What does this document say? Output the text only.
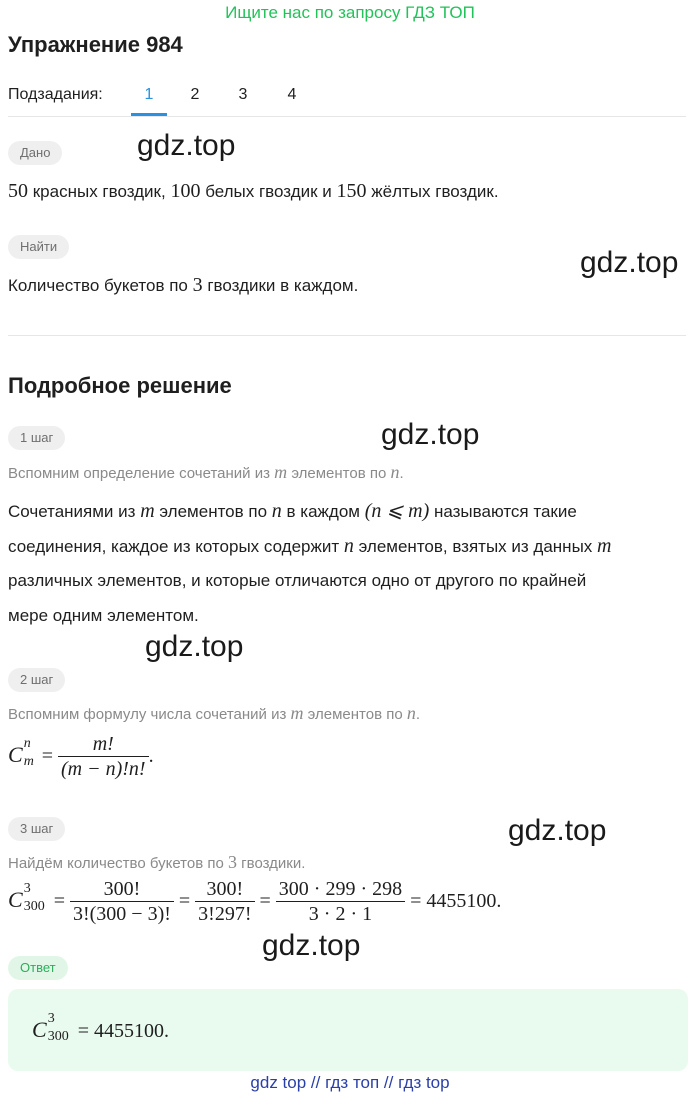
Ищите нас по запросу ГДЗ ТОП
Упражнение 984
Подзадания:	1	2	3	4
Дано
50 красных гвоздик, 100 белых гвоздик и 150 жёлтых гвоздик.
Найти
Количество букетов по 3 гвоздики в каждом.
Подробное решение
1 шаг
Вспомним определение сочетаний из m элементов по n.
Сочетаниями из m элементов по n в каждом (n ⩽ m) называются такие
соединения, каждое из которых содержит n элементов, взятых из данных m
различных элементов, и которые отличаются одно от другого по крайней
мере одним элементом.
2 шаг
Вспомним формулу числа сочетаний из m элементов по n.
C n
$m = \frac{m!}{(m - n)!n!}$ .
3 шаг
Найдём количество букетов по 3 гвоздики.
C 3
$300 = \frac{300!}{3!(300 - 3)!} = \frac{300!}{3!297!} = \frac{300 \cdot 299 \cdot 298}{3 \cdot 2 \cdot 1} = 4455100$.
Ответ
C 3
300 = 4455100.
gdz.top
gdz.top
gdz.top
gdz.top
gdz.top
gdz.top
gdz top // гдз топ // гдз top
